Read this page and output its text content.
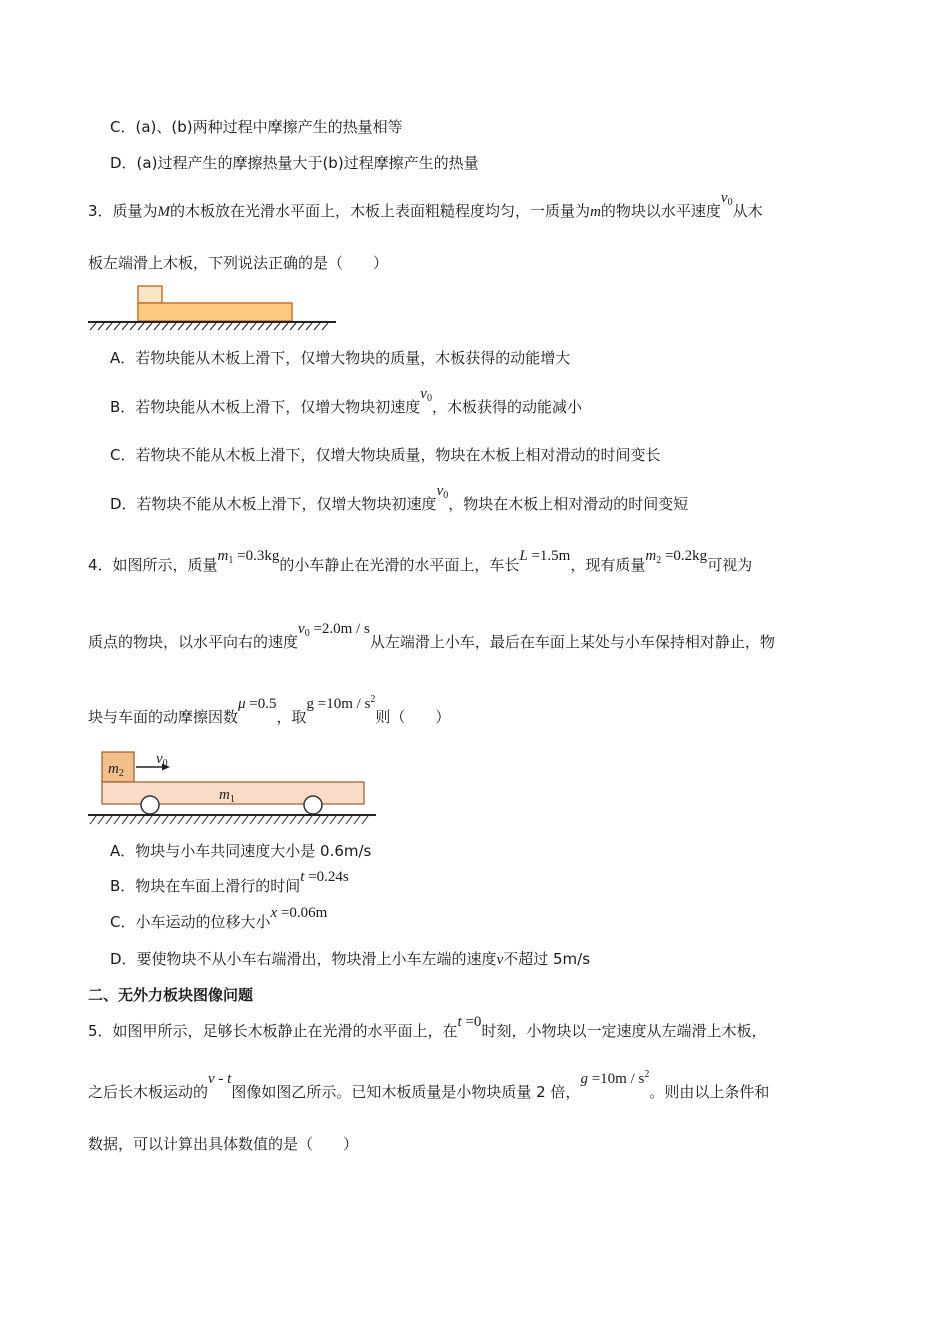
C．(a)、(b)两种过程中摩擦产生的热量相等
D．(a)过程产生的摩擦热量大于(b)过程摩擦产生的热量
3．质量为M的木板放在光滑水平面上，木板上表面粗糙程度均匀，一质量为m的物块以水平速度$v_0$从木
板左端滑上木板，下列说法正确的是（　　）
A．若物块能从木板上滑下，仅增大物块的质量，木板获得的动能增大
B．若物块能从木板上滑下，仅增大物块初速度$v_0$，木板获得的动能减小
C．若物块不能从木板上滑下，仅增大物块质量，物块在木板上相对滑动的时间变长
D．若物块不能从木板上滑下，仅增大物块初速度$v_0$，物块在木板上相对滑动的时间变短
4．如图所示，质量$m_1 =0.3kg$的小车静止在光滑的水平面上，车长L =1.5m，现有质量$m_2 =0.2kg$可视为
质点的物块，以水平向右的速度$v_0 =2.0m / s$从左端滑上小车，最后在车面上某处与小车保持相对静止，物
块与车面的动摩擦因数μ =0.5，取$g =10m / s^2$则（　　）
$m_2$
$v_0$
$m_1$
A．物块与小车共同速度大小是 0.6m/s
B．物块在车面上滑行的时间t =0.24s
C．小车运动的位移大小x =0.06m
D．要使物块不从小车右端滑出，物块滑上小车左端的速度v不超过 5m/s
二、无外力板块图像问题
5．如图甲所示，足够长木板静止在光滑的水平面上，在t =0时刻，小物块以一定速度从左端滑上木板，
之后长木板运动的v - t图像如图乙所示。已知木板质量是小物块质量 2 倍，$g =10m / s^2$。则由以上条件和
数据，可以计算出具体数值的是（　　）
